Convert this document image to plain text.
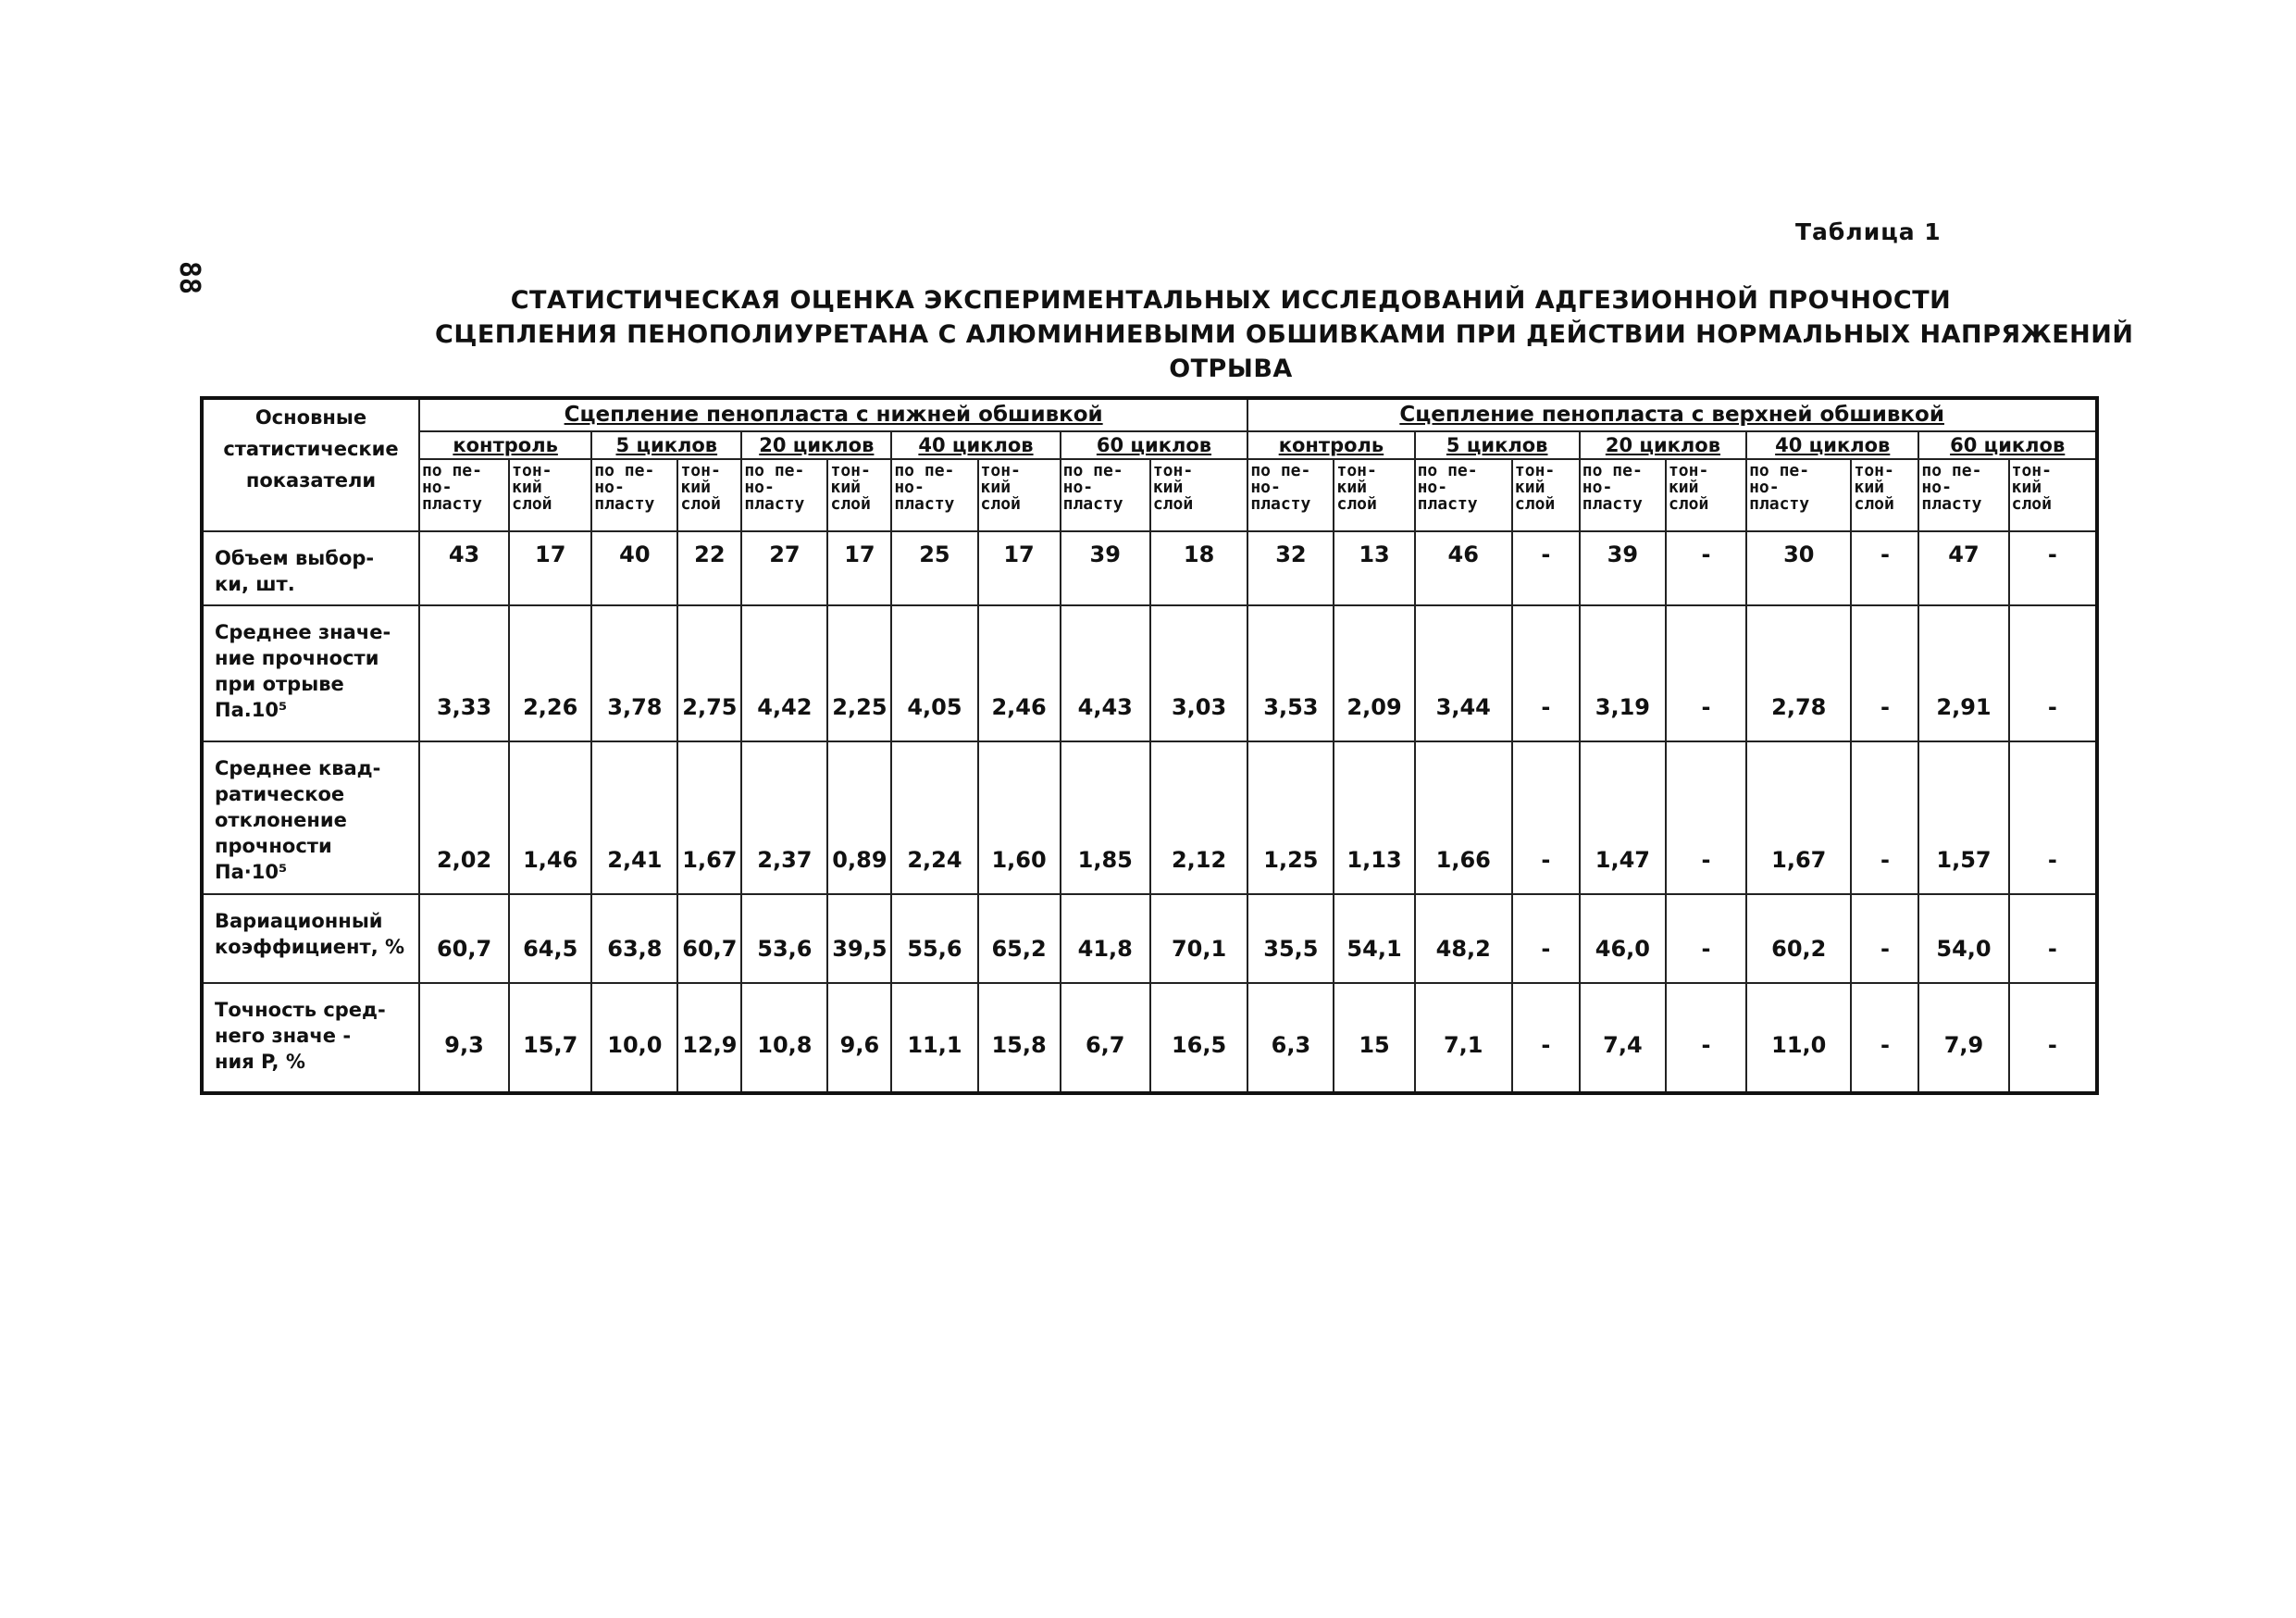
88
Таблица 1
СТАТИСТИЧЕСКАЯ ОЦЕНКА ЭКСПЕРИМЕНТАЛЬНЫХ ИССЛЕДОВАНИЙ АДГЕЗИОННОЙ ПРОЧНОСТИ
СЦЕПЛЕНИЯ ПЕНОПОЛИУРЕТАНА С АЛЮМИНИЕВЫМИ ОБШИВКАМИ ПРИ ДЕЙСТВИИ НОРМАЛЬНЫХ НАПРЯЖЕНИЙ
ОТРЫВА
Основные
статистические
показатели	Сцепление пенопласта с нижней обшивкой										Сцепление пенопласта с верхней обшивкой									
	контроль		5 циклов		20 циклов		40 циклов		60 циклов		контроль		5 циклов		20 циклов		40 циклов		60 циклов	

	по пе-
но-
пласту	тон-
кий
слой	по пе-
но-
пласту	тон-
кий
слой	по пе-
но-
пласту	тон-
кий
слой	по пе-
но-
пласту	тон-
кий
слой	по пе-
но-
пласту	тон-
кий
слой	по пе-
но-
пласту	тон-
кий
слой	по пе-
но-
пласту	тон-
кий
слой	по пе-
но-
пласту	тон-
кий
слой	по пе-
но-
пласту	тон-
кий
слой	по пе-
но-
пласту	тон-
кий
слой

Объем выбор-
ки, шт.	43	17	40	22	27	17	25	17	39	18	32	13	46	-	39	-	30	-	47	-

Среднее значе-
ние прочности
при отрыве
Па.10⁵	3,33	2,26	3,78	2,75	4,42	2,25	4,05	2,46	4,43	3,03	3,53	2,09	3,44	-	3,19	-	2,78	-	2,91	-

Среднее квад-
ратическое
отклонение
прочности
Па·10⁵	2,02	1,46	2,41	1,67	2,37	0,89	2,24	1,60	1,85	2,12	1,25	1,13	1,66	-	1,47	-	1,67	-	1,57	-

Вариационный
коэффициент, %	60,7	64,5	63,8	60,7	53,6	39,5	55,6	65,2	41,8	70,1	35,5	54,1	48,2	-	46,0	-	60,2	-	54,0	-

Точность сред-
него значе -
ния P, %	9,3	15,7	10,0	12,9	10,8	9,6	11,1	15,8	6,7	16,5	6,3	15	7,1	-	7,4	-	11,0	-	7,9	-
